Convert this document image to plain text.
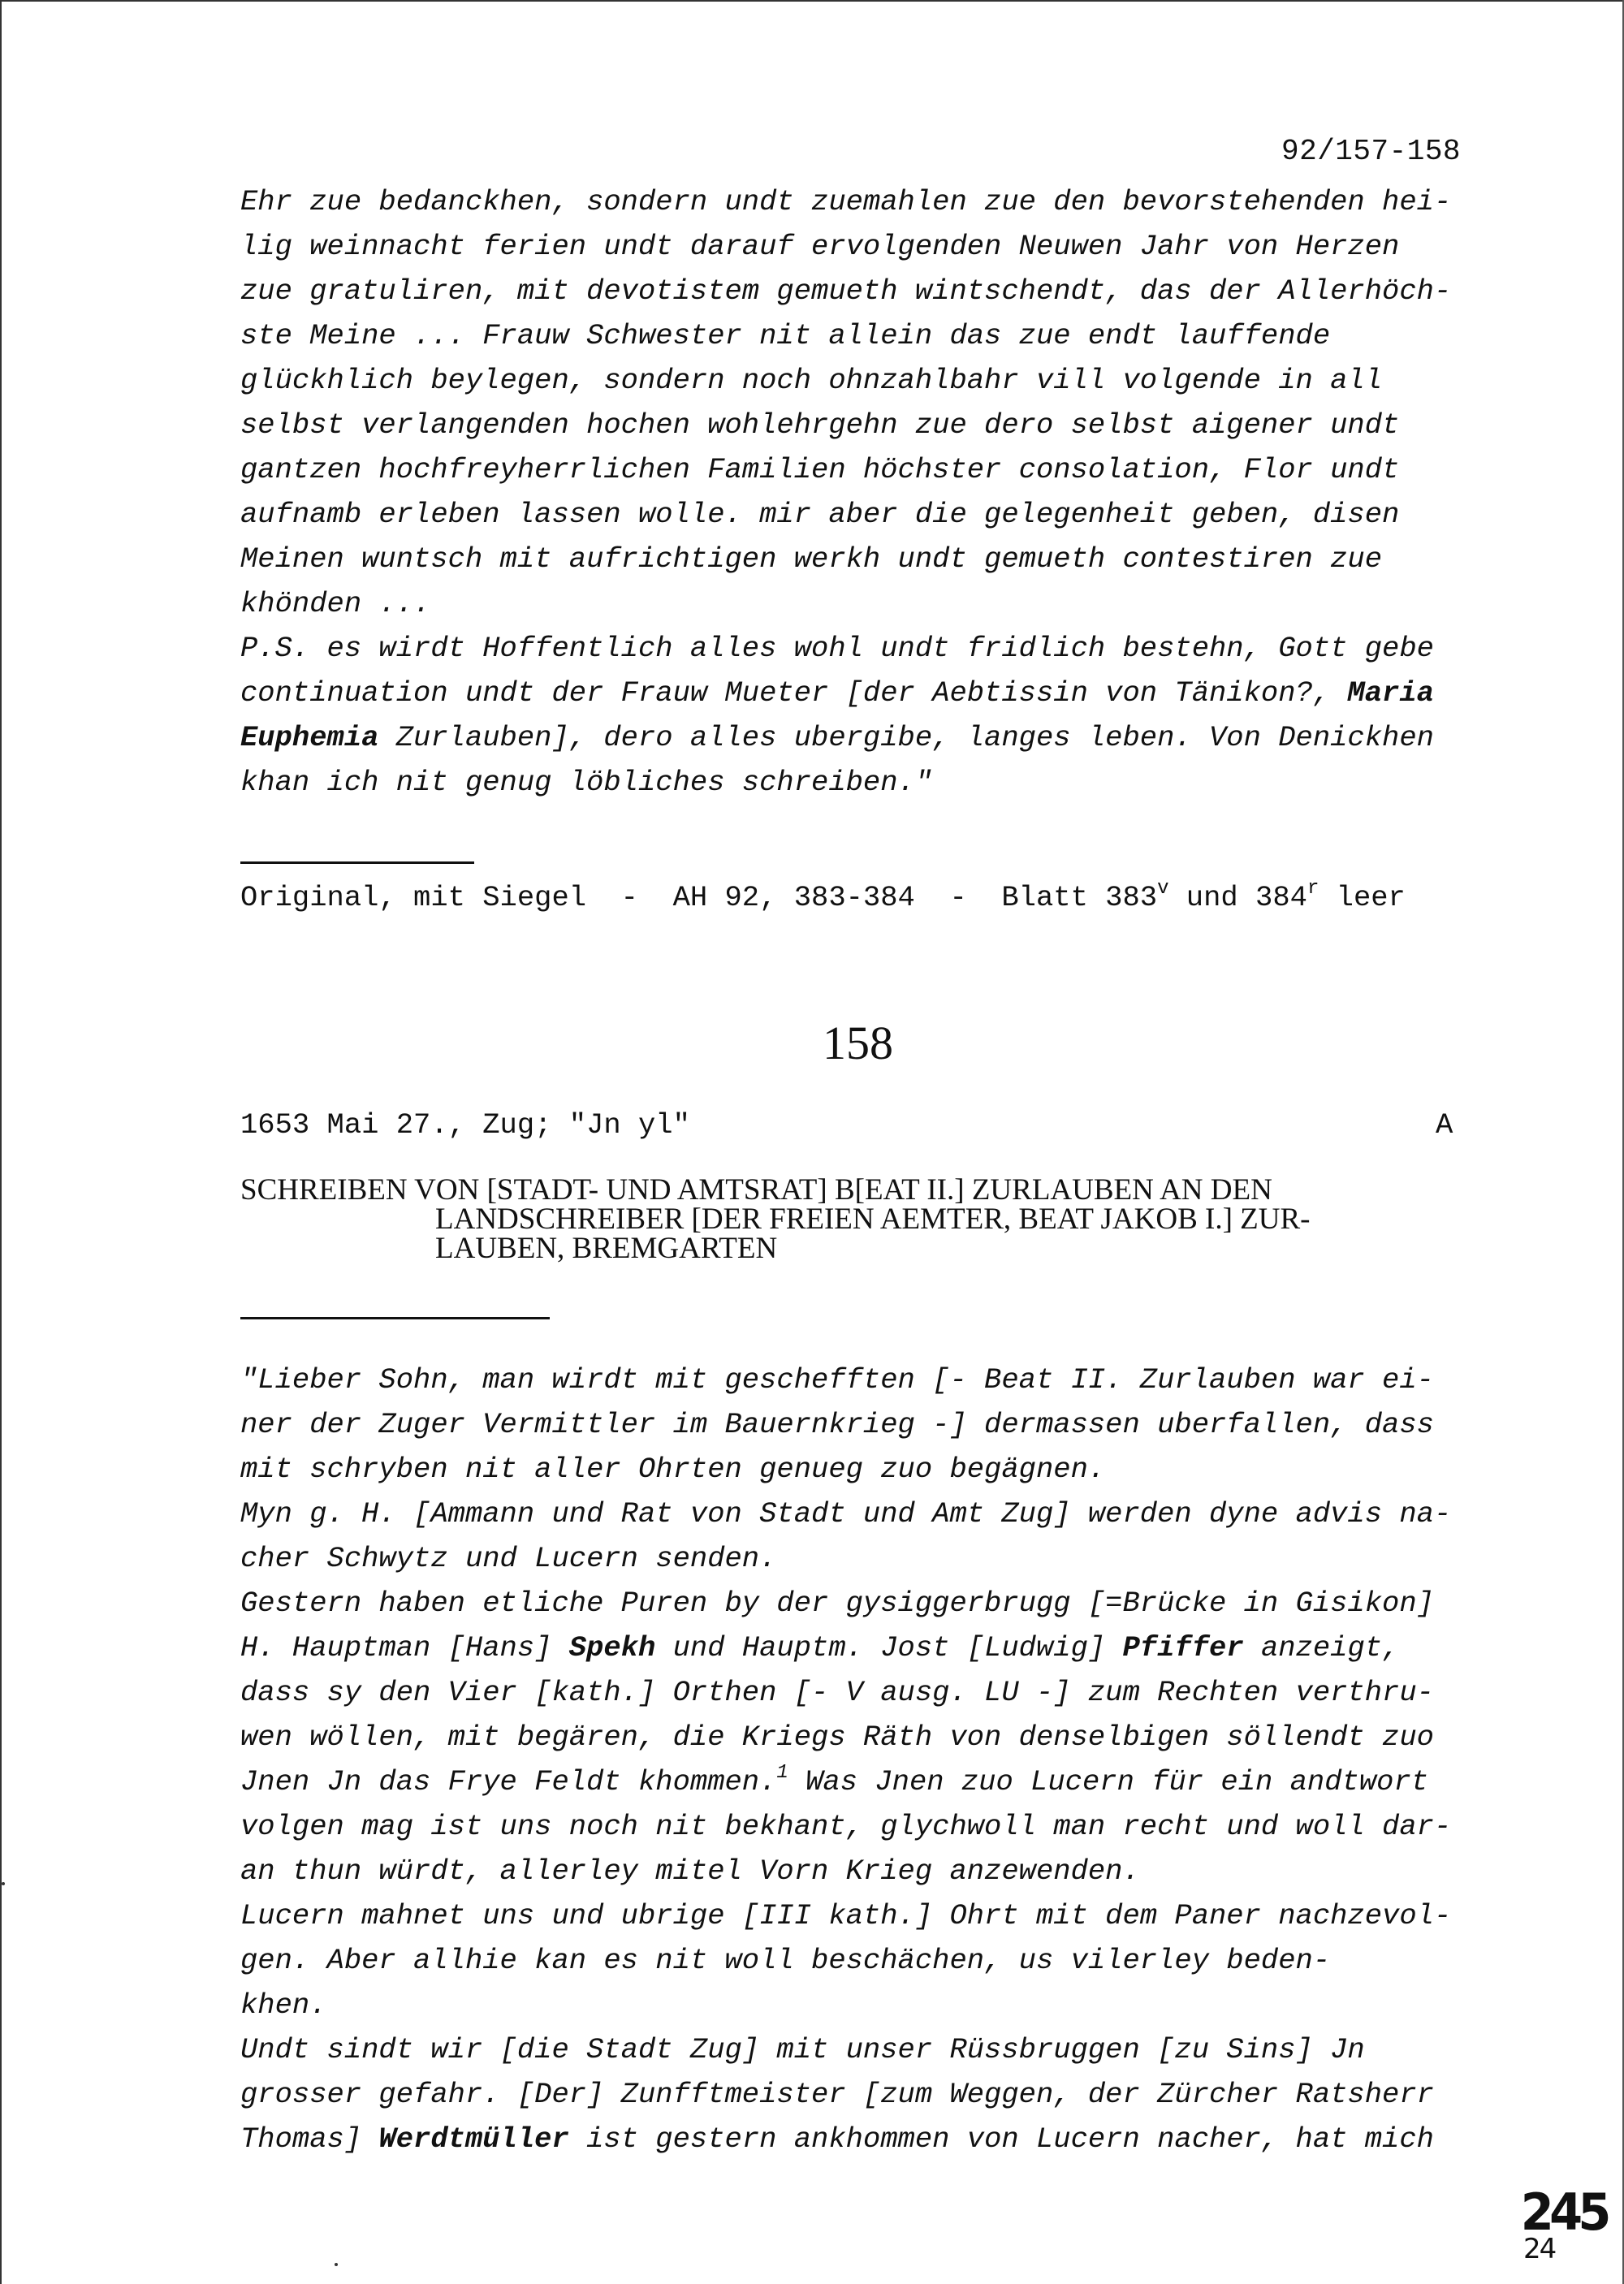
92/157-158
Ehr zue bedanckhen, sondern undt zuemahlen zue den bevorstehenden hei-
lig weinnacht ferien undt darauf ervolgenden Neuwen Jahr von Herzen
zue gratuliren, mit devotistem gemueth wintschendt, das der Allerhöch-
ste Meine ... Frauw Schwester nit allein das zue endt lauffende
glückhlich beylegen, sondern noch ohnzahlbahr vill volgende in all
selbst verlangenden hochen wohlehrgehn zue dero selbst aigener undt
gantzen hochfreyherrlichen Familien höchster consolation, Flor undt
aufnamb erleben lassen wolle. mir aber die gelegenheit geben, disen
Meinen wuntsch mit aufrichtigen werkh undt gemueth contestiren zue
khönden ...
P.S. es wirdt Hoffentlich alles wohl undt fridlich bestehn, Gott gebe
continuation undt der Frauw Mueter [der Aebtissin von Tänikon?, Maria
Euphemia Zurlauben], dero alles ubergibe, langes leben. Von Denickhen
khan ich nit genug löbliches schreiben."
Original, mit Siegel  -  AH 92, 383-384  -  Blatt 383$^v$ und 384$^r$ leer
158
1653 Mai 27., Zug; "Jn yl"	A
SCHREIBEN VON [STADT- UND AMTSRAT] B[EAT II.] ZURLAUBEN AN DEN
LANDSCHREIBER [DER FREIEN AEMTER, BEAT JAKOB I.] ZUR-
LAUBEN, BREMGARTEN
"Lieber Sohn, man wirdt mit geschefften [- Beat II. Zurlauben war ei-
ner der Zuger Vermittler im Bauernkrieg -] dermassen uberfallen, dass
mit schryben nit aller Ohrten genueg zuo begägnen.
Myn g. H. [Ammann und Rat von Stadt und Amt Zug] werden dyne advis na-
cher Schwytz und Lucern senden.
Gestern haben etliche Puren by der gysiggerbrugg [=Brücke in Gisikon]
H. Hauptman [Hans] Spekh und Hauptm. Jost [Ludwig] Pfiffer anzeigt,
dass sy den Vier [kath.] Orthen [- V ausg. LU -] zum Rechten verthru-
wen wöllen, mit begären, die Kriegs Räth von denselbigen söllendt zuo
Jnen Jn das Frye Feldt khommen.$^1$ Was Jnen zuo Lucern für ein andtwort
volgen mag ist uns noch nit bekhant, glychwoll man recht und woll dar-
an thun würdt, allerley mitel Vorn Krieg anzewenden.
Lucern mahnet uns und ubrige [III kath.] Ohrt mit dem Paner nachzevol-
gen. Aber allhie kan es nit woll beschächen, us vilerley beden-
khen.
Undt sindt wir [die Stadt Zug] mit unser Rüssbruggen [zu Sins] Jn
grosser gefahr. [Der] Zunfftmeister [zum Weggen, der Zürcher Ratsherr
Thomas] Werdtmüller ist gestern ankhommen von Lucern nacher, hat mich
245
24
